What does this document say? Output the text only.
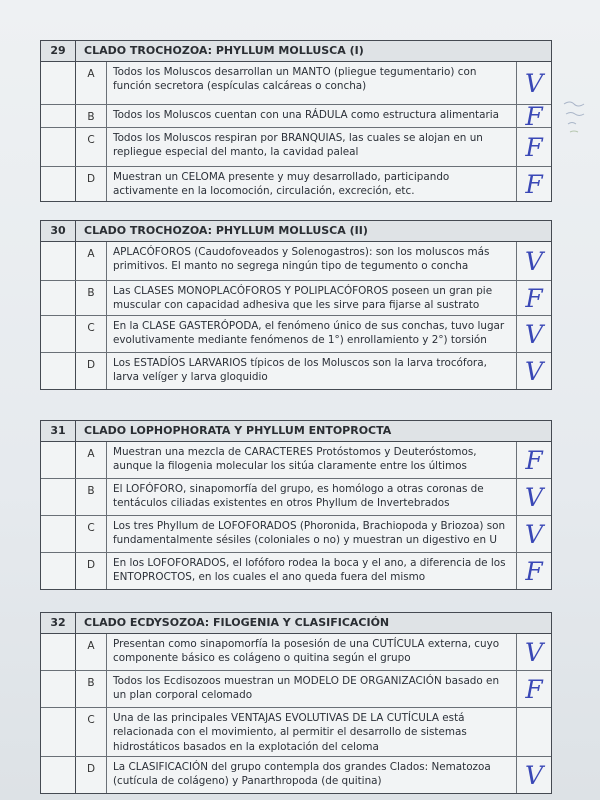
29	CLADO TROCHOZOA: PHYLLUM MOLLUSCA (I)
A	Todos los Moluscos desarrollan un MANTO (pliegue tegumentario) con función secretora (espículas calcáreas o concha)	V
B	Todos los Moluscos cuentan con una RÁDULA como estructura alimentaria	F
C	Todos los Moluscos respiran por BRANQUIAS, las cuales se alojan en un repliegue especial del manto, la cavidad paleal	F
D	Muestran un CELOMA presente y muy desarrollado, participando activamente en la locomoción, circulación, excreción, etc.	F
30	CLADO TROCHOZOA: PHYLLUM MOLLUSCA (II)
A	APLACÓFOROS (Caudofoveados y Solenogastros): son los moluscos más primitivos. El manto no segrega ningún tipo de tegumento o concha	V
B	Las CLASES MONOPLACÓFOROS Y POLIPLACÓFOROS poseen un gran pie muscular con capacidad adhesiva que les sirve para fijarse al sustrato	F
C	En la CLASE GASTERÓPODA, el fenómeno único de sus conchas, tuvo lugar evolutivamente mediante fenómenos de 1°) enrollamiento y 2°) torsión	V
D	Los ESTADÍOS LARVARIOS típicos de los Moluscos son la larva trocófora, larva velíger y larva gloquidio	V
31	CLADO LOPHOPHORATA Y PHYLLUM ENTOPROCTA
A	Muestran una mezcla de CARACTERES Protóstomos y Deuteróstomos, aunque la filogenia molecular los sitúa claramente entre los últimos	F
B	El LOFÓFORO, sinapomorfía del grupo, es homólogo a otras coronas de tentáculos ciliadas existentes en otros Phyllum de Invertebrados	V
C	Los tres Phyllum de LOFOFORADOS (Phoronida, Brachiopoda y Briozoa) son fundamentalmente sésiles (coloniales o no) y muestran un digestivo en U	V
D	En los LOFOFORADOS, el lofóforo rodea la boca y el ano, a diferencia de los ENTOPROCTOS, en los cuales el ano queda fuera del mismo	F
32	CLADO ECDYSOZOA: FILOGENIA Y CLASIFICACIÓN
A	Presentan como sinapomorfía la posesión de una CUTÍCULA externa, cuyo componente básico es colágeno o quitina según el grupo	V
B	Todos los Ecdisozoos muestran un MODELO DE ORGANIZACIÓN basado en un plan corporal celomado	F
C	Una de las principales VENTAJAS EVOLUTIVAS DE LA CUTÍCULA está relacionada con el movimiento, al permitir el desarrollo de sistemas hidrostáticos basados en la explotación del celoma
D	La CLASIFICACIÓN del grupo contempla dos grandes Clados: Nematozoa (cutícula de colágeno) y Panarthropoda (de quitina)	V
